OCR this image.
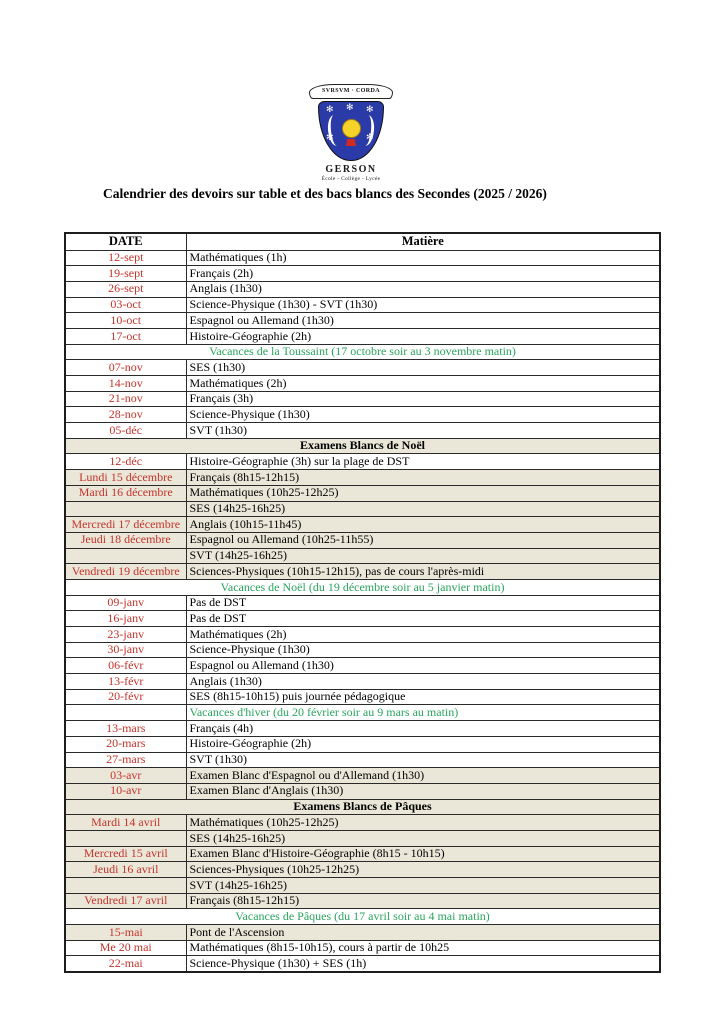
SVRSVM · CORDA
✻ ✻ ✻
✻	✻
GERSON
École - Collège - Lycée
Calendrier des devoirs sur table et des bacs blancs des Secondes (2025 / 2026)
DATE	Matière
12-sept	Mathématiques (1h)
19-sept	Français (2h)
26-sept	Anglais (1h30)
03-oct	Science-Physique (1h30) - SVT (1h30)
10-oct	Espagnol ou Allemand (1h30)
17-oct	Histoire-Géographie (2h)
Vacances de la Toussaint (17 octobre soir au 3 novembre matin)	
07-nov	SES (1h30)
14-nov	Mathématiques (2h)
21-nov	Français (3h)
28-nov	Science-Physique (1h30)
05-déc	SVT (1h30)
Examens Blancs de Noël	
12-déc	Histoire-Géographie (3h) sur la plage de DST
Lundi 15 décembre	Français (8h15-12h15)
Mardi 16 décembre	Mathématiques (10h25-12h25)
	SES (14h25-16h25)
Mercredi 17 décembre	Anglais (10h15-11h45)
Jeudi 18 décembre	Espagnol ou Allemand (10h25-11h55)
	SVT (14h25-16h25)
Vendredi 19 décembre	Sciences-Physiques (10h15-12h15), pas de cours l'après-midi
Vacances de Noël (du 19 décembre soir au 5 janvier matin)	
09-janv	Pas de DST
16-janv	Pas de DST
23-janv	Mathématiques (2h)
30-janv	Science-Physique (1h30)
06-févr	Espagnol ou Allemand (1h30)
13-févr	Anglais (1h30)
20-févr	SES (8h15-10h15) puis journée pédagogique
	Vacances d'hiver (du 20 février soir au 9 mars au matin)
13-mars	Français (4h)
20-mars	Histoire-Géographie (2h)
27-mars	SVT (1h30)
03-avr	Examen Blanc d'Espagnol ou d'Allemand (1h30)
10-avr	Examen Blanc d'Anglais (1h30)
Examens Blancs de Pâques	
Mardi 14 avril	Mathématiques (10h25-12h25)
	SES (14h25-16h25)
Mercredi 15 avril	Examen Blanc d'Histoire-Géographie (8h15 - 10h15)
Jeudi 16 avril	Sciences-Physiques (10h25-12h25)
	SVT (14h25-16h25)
Vendredi 17 avril	Français (8h15-12h15)
Vacances de Pâques (du 17 avril soir au 4 mai matin)	
15-mai	Pont de l'Ascension
Me 20 mai	Mathématiques (8h15-10h15), cours à partir de 10h25
22-mai	Science-Physique (1h30) + SES (1h)
